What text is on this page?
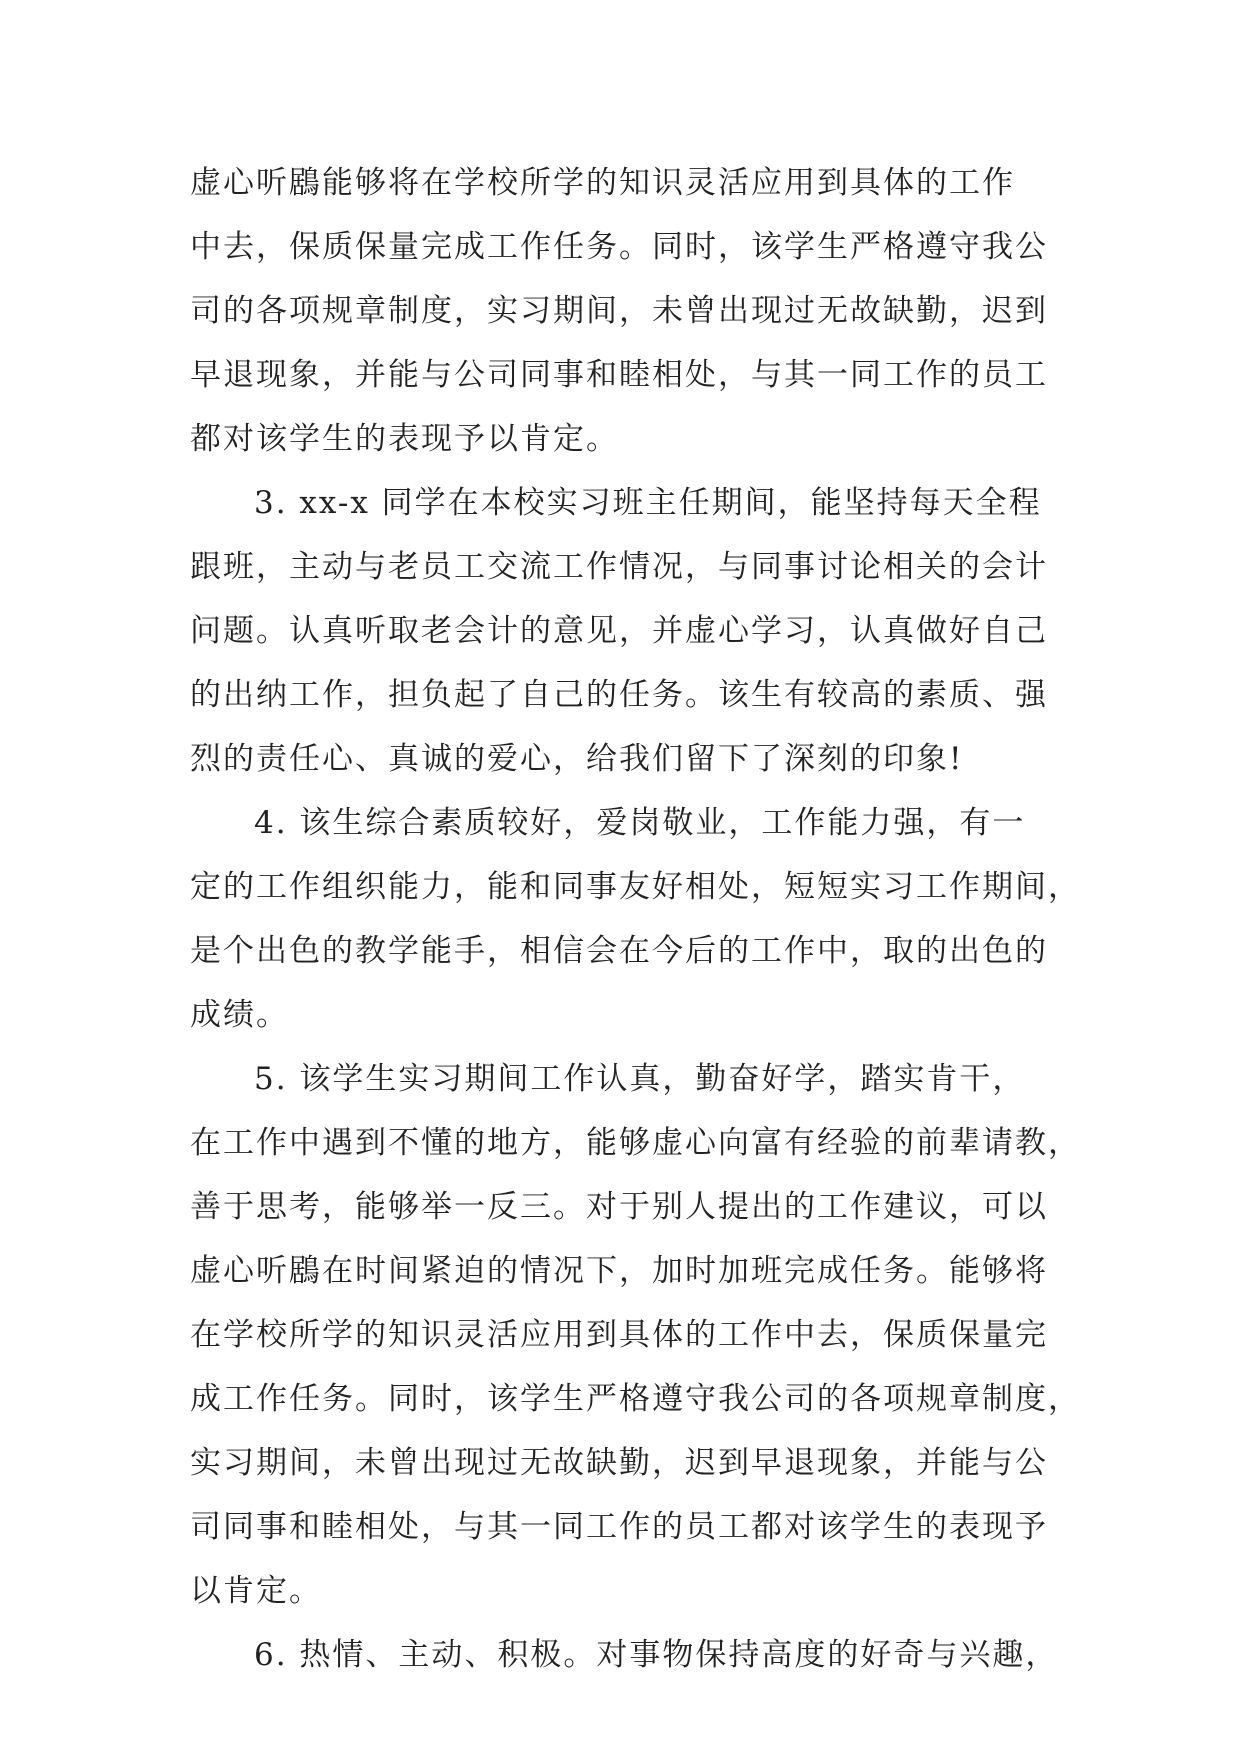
虚心听鶋能够将在学校所学的知识灵活应用到具体的工作
中去，保质保量完成工作任务。同时，该学生严格遵守我公
司的各项规章制度，实习期间，未曾出现过无故缺勤，迟到
早退现象，并能与公司同事和睦相处，与其一同工作的员工
都对该学生的表现予以肯定。
3. xx-x 同学在本校实习班主任期间，能坚持每天全程
跟班，主动与老员工交流工作情况，与同事讨论相关的会计
问题。认真听取老会计的意见，并虚心学习，认真做好自己
的出纳工作，担负起了自己的任务。该生有较高的素质、强
烈的责任心、真诚的爱心，给我们留下了深刻的印象!
4. 该生综合素质较好，爱岗敬业，工作能力强，有一
定的工作组织能力，能和同事友好相处，短短实习工作期间，
是个出色的教学能手，相信会在今后的工作中，取的出色的
成绩。
5. 该学生实习期间工作认真，勤奋好学，踏实肯干，
在工作中遇到不懂的地方，能够虚心向富有经验的前辈请教，
善于思考，能够举一反三。对于别人提出的工作建议，可以
虚心听鶋在时间紧迫的情况下，加时加班完成任务。能够将
在学校所学的知识灵活应用到具体的工作中去，保质保量完
成工作任务。同时，该学生严格遵守我公司的各项规章制度，
实习期间，未曾出现过无故缺勤，迟到早退现象，并能与公
司同事和睦相处，与其一同工作的员工都对该学生的表现予
以肯定。
6. 热情、主动、积极。对事物保持高度的好奇与兴趣，
